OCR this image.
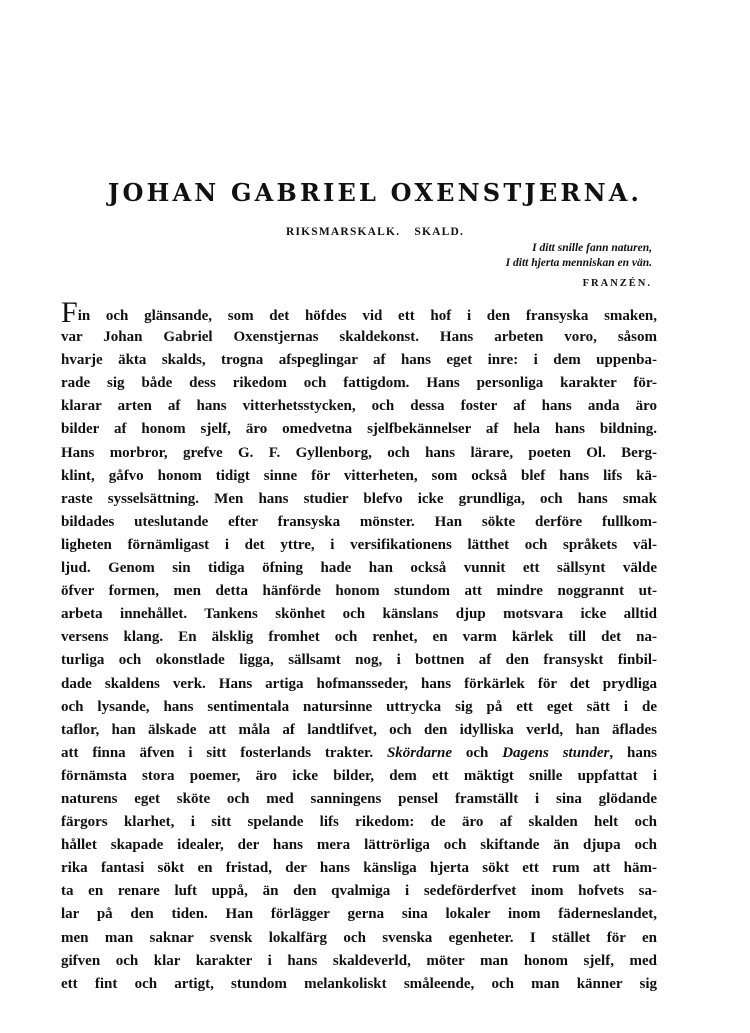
JOHAN GABRIEL OXENSTJERNA.
RIKSMARSKALK. SKALD.
I ditt snille fann naturen,
I ditt hjerta menniskan en vän.
FRANZÉN.
Fin och glänsande, som det höfdes vid ett hof i den fransyska smaken,
var Johan Gabriel Oxenstjernas skaldekonst. Hans arbeten voro, såsom
hvarje äkta skalds, trogna afspeglingar af hans eget inre: i dem uppenba-
rade sig både dess rikedom och fattigdom. Hans personliga karakter för-
klarar arten af hans vitterhetsstycken, och dessa foster af hans anda äro
bilder af honom sjelf, äro omedvetna sjelfbekännelser af hela hans bildning.
Hans morbror, grefve G. F. Gyllenborg, och hans lärare, poeten Ol. Berg-
klint, gåfvo honom tidigt sinne för vitterheten, som också blef hans lifs kä-
raste sysselsättning. Men hans studier blefvo icke grundliga, och hans smak
bildades uteslutande efter fransyska mönster. Han sökte derföre fullkom-
ligheten förnämligast i det yttre, i versifikationens lätthet och språkets väl-
ljud. Genom sin tidiga öfning hade han också vunnit ett sällsynt välde
öfver formen, men detta hänförde honom stundom att mindre noggrannt ut-
arbeta innehållet. Tankens skönhet och känslans djup motsvara icke alltid
versens klang. En älsklig fromhet och renhet, en varm kärlek till det na-
turliga och okonstlade ligga, sällsamt nog, i bottnen af den fransyskt finbil-
dade skaldens verk. Hans artiga hofmansseder, hans förkärlek för det prydliga
och lysande, hans sentimentala natursinne uttrycka sig på ett eget sätt i de
taflor, han älskade att måla af landtlifvet, och den idylliska verld, han äflades
att finna äfven i sitt fosterlands trakter. Skördarne och Dagens stunder, hans
förnämsta stora poemer, äro icke bilder, dem ett mäktigt snille uppfattat i
naturens eget sköte och med sanningens pensel framställt i sina glödande
färgors klarhet, i sitt spelande lifs rikedom: de äro af skalden helt och
hållet skapade idealer, der hans mera lättrörliga och skiftande än djupa och
rika fantasi sökt en fristad, der hans känsliga hjerta sökt ett rum att häm-
ta en renare luft uppå, än den qvalmiga i sedeförderfvet inom hofvets sa-
lar på den tiden. Han förlägger gerna sina lokaler inom fäderneslandet,
men man saknar svensk lokalfärg och svenska egenheter. I stället för en
gifven och klar karakter i hans skaldeverld, möter man honom sjelf, med
ett fint och artigt, stundom melankoliskt småleende, och man känner sig
